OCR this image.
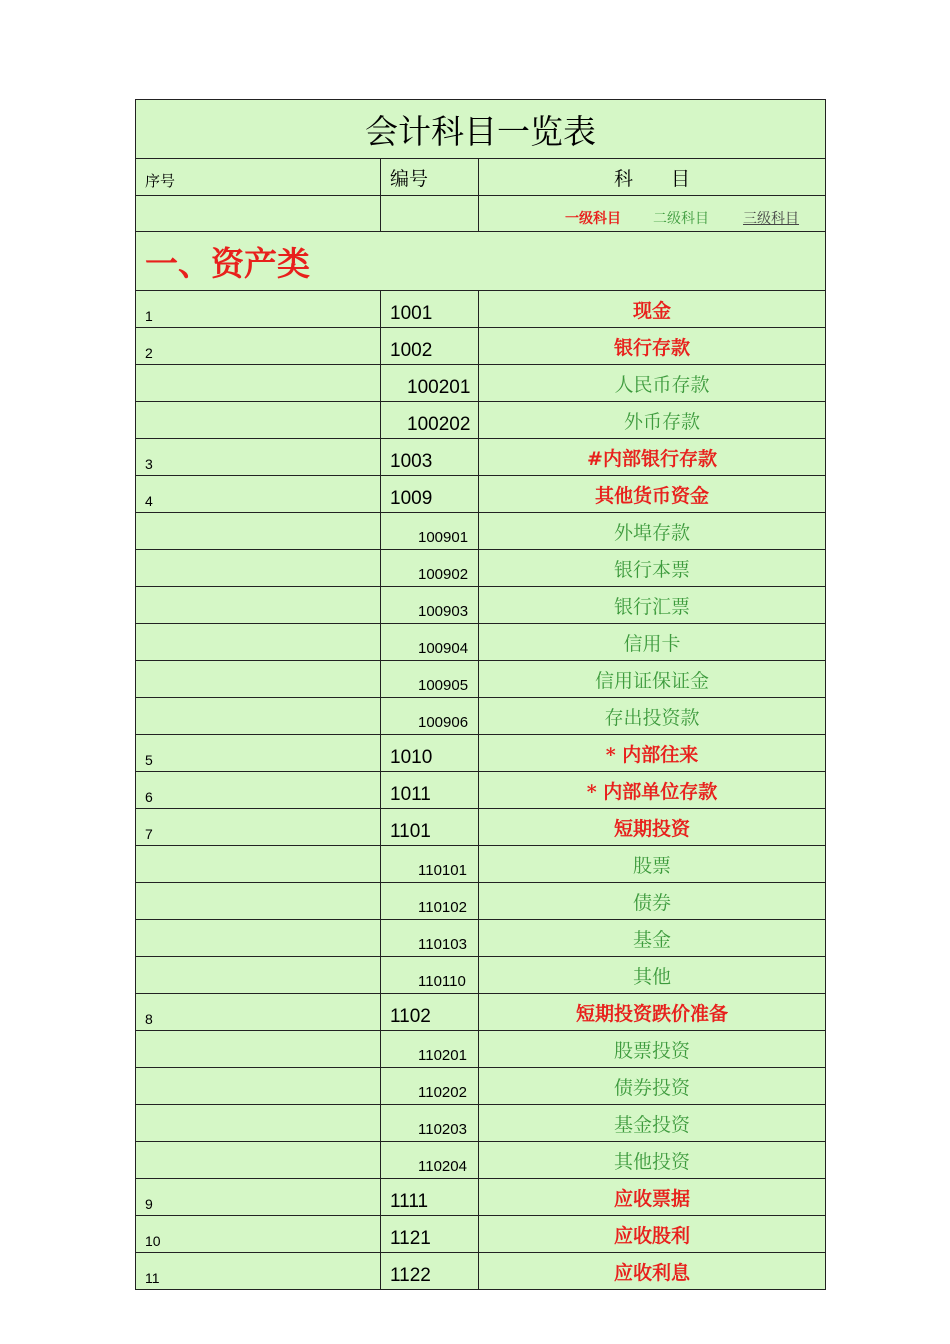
会计科目一览表		
序号	编号	科　　目
		一级科目 二级科目 三级科目
一、资产类		
1	1001	现金
2	1002	银行存款
	100201	人民币存款
	100202	外币存款
3	1003	#内部银行存款
4	1009	其他货币资金
	100901	外埠存款
	100902	银行本票
	100903	银行汇票
	100904	信用卡
	100905	信用证保证金
	100906	存出投资款
5	1010	* 内部往来
6	1011	* 内部单位存款
7	1101	短期投资
	110101	股票
	110102	债券
	110103	基金
	110110	其他
8	1102	短期投资跌价准备
	110201	股票投资
	110202	债券投资
	110203	基金投资
	110204	其他投资
9	1111	应收票据
10	1121	应收股利
11	1122	应收利息
